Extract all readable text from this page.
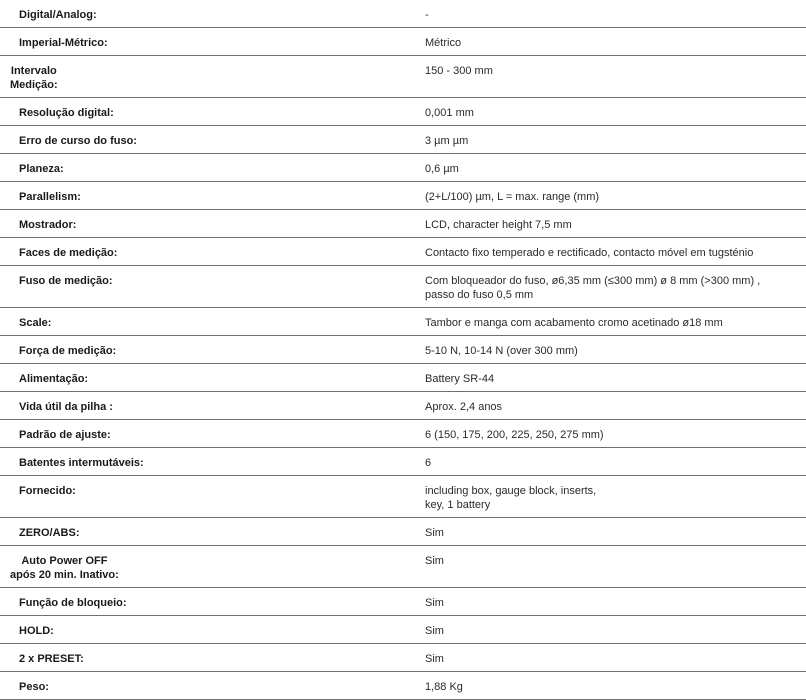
Digital/Analog:	-

Imperial-Métrico:	Métrico

Intervalo
Medição:	150 - 300 mm

Resolução digital:	0,001 mm

Erro de curso do fuso:	3 µm µm

Planeza:	0,6 µm

Parallelism:	(2+L/100) µm, L = max. range (mm)

Mostrador:	LCD, character height 7,5 mm

Faces de medição:	Contacto fixo temperado e rectificado, contacto móvel em tugsténio

Fuso de medição:	Com bloqueador do fuso, ø6,35 mm (≤300 mm) ø 8 mm (>300 mm) , passo do fuso 0,5 mm

Scale:	Tambor e manga com acabamento cromo acetinado ø18 mm

Força de medição:	5-10 N, 10-14 N (over 300 mm)

Alimentação:	Battery SR-44

Vida útil da pilha :	Aprox. 2,4 anos

Padrão de ajuste:	6 (150, 175, 200, 225, 250, 275 mm)

Batentes intermutáveis:	6

Fornecido:	including box, gauge block, inserts,
key, 1 battery

ZERO/ABS:	Sim

Auto Power OFF
após 20 min. Inativo:	Sim

Função de bloqueio:	Sim

HOLD:	Sim

2 x PRESET:	Sim

Peso:	1,88 Kg
